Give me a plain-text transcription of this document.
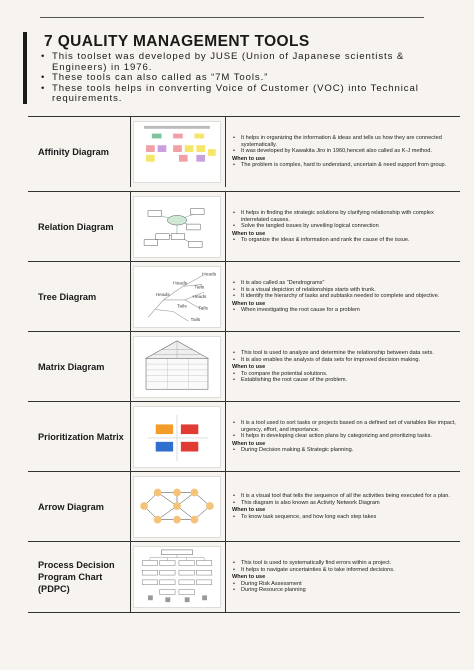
7 QUALITY MANAGEMENT TOOLS
• This toolset was developed by JUSE (Union of Japanese scientists & Engineers) in 1976.
• These tools can also called as “7M Tools.”
• These tools helps in converting Voice of Customer (VOC) into Technical requirements.
Affinity Diagram
• It helps in organizing the information & ideas and tells us how they are connected systematically.
• It was developed by Kawakita Jiro in 1960,henceit also called as K-J method.
When to use
• The problem is complex, hard to understand, uncertain & need support from group.
Relation Diagram
• It helps in finding the strategic solutions by clarifying relationship with complex interrelated causes.
• Solve the tangled issues by unveiling logical connection
When to use
• To organize the ideas & information and rank the cause of the issue.
Tree Diagram
Heads
Heads
Heads
Tails
Heads
Tails
Tails
Tails
• It is also called as “Dendrograms”
• It is a visual depiction of relationships starts with trunk.
• It identify the hierarchy of tasks and subtasks needed to complete and objective.
When to use
• When investigating the root cause for a problem
Matrix Diagram
• This tool is used to analyze and determine the relationship between data sets.
• It is also enables the analysis of data sets for improved decision making.
When to use
• To compare the potential solutions.
• Establishing the root cause of the problem.
Prioritization Matrix
• It is a tool used to sort tasks or projects based on a defined set of variables like impact, urgency, effort, and importance.
• It helps in developing clear action plans by categorizing and prioritizing tasks.
When to use
• During Decision making & Strategic planning.
Arrow Diagram
• It is a visual tool that tells the sequence of all the activities being executed for a plan.
• This diagram is also known as Activity Network Diagram
When to use
• To know task sequence, and how long each step takes
Process Decision Program Chart (PDPC)
• This tool is used to systematically find errors within a project.
• It helps to navigate uncertainties & to take informed decisions.
When to use
• During Risk Assessment
• During Resource planning
